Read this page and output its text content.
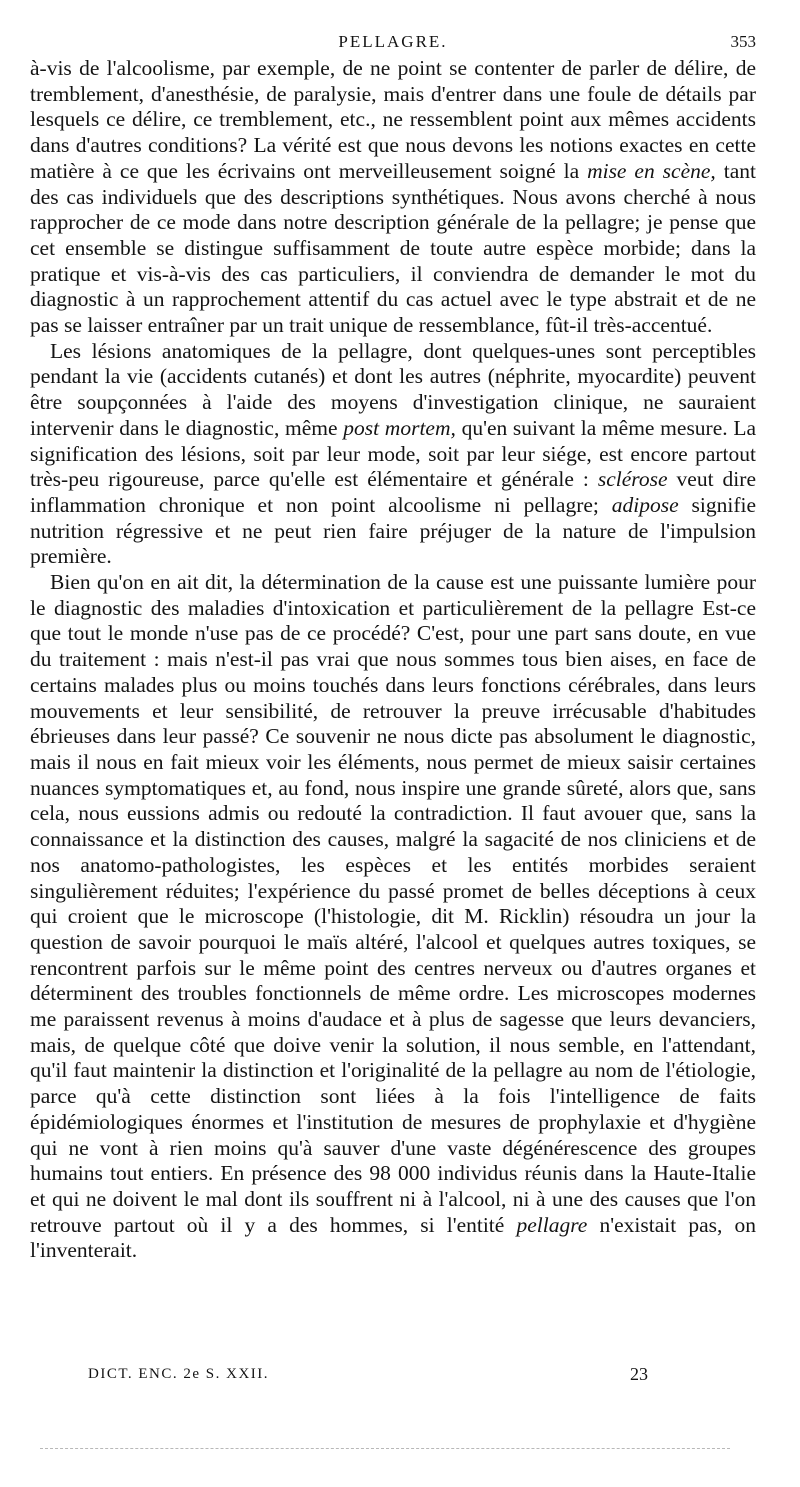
PELLAGRE.	353

à-vis de l'alcoolisme, par exemple, de ne point se contenter de parler de délire, de tremblement, d'anesthésie, de paralysie, mais d'entrer dans une foule de détails par lesquels ce délire, ce tremblement, etc., ne ressemblent point aux mêmes accidents dans d'autres conditions? La vérité est que nous devons les notions exactes en cette matière à ce que les écrivains ont merveilleusement soigné la mise en scène, tant des cas individuels que des descriptions synthétiques. Nous avons cherché à nous rapprocher de ce mode dans notre description générale de la pellagre; je pense que cet ensemble se distingue suffisamment de toute autre espèce morbide; dans la pratique et vis-à-vis des cas particuliers, il conviendra de demander le mot du diagnostic à un rapprochement attentif du cas actuel avec le type abstrait et de ne pas se laisser entraîner par un trait unique de ressemblance, fût-il très-accentué.

Les lésions anatomiques de la pellagre, dont quelques-unes sont perceptibles pendant la vie (accidents cutanés) et dont les autres (néphrite, myocardite) peuvent être soupçonnées à l'aide des moyens d'investigation clinique, ne sauraient intervenir dans le diagnostic, même post mortem, qu'en suivant la même mesure. La signification des lésions, soit par leur mode, soit par leur siége, est encore partout très-peu rigoureuse, parce qu'elle est élémentaire et générale : sclérose veut dire inflammation chronique et non point alcoolisme ni pellagre; adipose signifie nutrition régressive et ne peut rien faire préjuger de la nature de l'impulsion première.

Bien qu'on en ait dit, la détermination de la cause est une puissante lumière pour le diagnostic des maladies d'intoxication et particulièrement de la pellagre Est-ce que tout le monde n'use pas de ce procédé? C'est, pour une part sans doute, en vue du traitement : mais n'est-il pas vrai que nous sommes tous bien aises, en face de certains malades plus ou moins touchés dans leurs fonctions cérébrales, dans leurs mouvements et leur sensibilité, de retrouver la preuve irrécusable d'habitudes ébrieuses dans leur passé? Ce souvenir ne nous dicte pas absolument le diagnostic, mais il nous en fait mieux voir les éléments, nous permet de mieux saisir certaines nuances symptomatiques et, au fond, nous inspire une grande sûreté, alors que, sans cela, nous eussions admis ou redouté la contradiction. Il faut avouer que, sans la connaissance et la distinction des causes, malgré la sagacité de nos cliniciens et de nos anatomo-pathologistes, les espèces et les entités morbides seraient singulièrement réduites; l'expérience du passé promet de belles déceptions à ceux qui croient que le microscope (l'histologie, dit M. Ricklin) résoudra un jour la question de savoir pourquoi le maïs altéré, l'alcool et quelques autres toxiques, se rencontrent parfois sur le même point des centres nerveux ou d'autres organes et déterminent des troubles fonctionnels de même ordre. Les microscopes modernes me paraissent revenus à moins d'audace et à plus de sagesse que leurs devanciers, mais, de quelque côté que doive venir la solution, il nous semble, en l'attendant, qu'il faut maintenir la distinction et l'originalité de la pellagre au nom de l'étiologie, parce qu'à cette distinction sont liées à la fois l'intelligence de faits épidémiologiques énormes et l'institution de mesures de prophylaxie et d'hygiène qui ne vont à rien moins qu'à sauver d'une vaste dégénérescence des groupes humains tout entiers. En présence des 98 000 individus réunis dans la Haute-Italie et qui ne doivent le mal dont ils souffrent ni à l'alcool, ni à une des causes que l'on retrouve partout où il y a des hommes, si l'entité pellagre n'existait pas, on l'inventerait.

DICT. ENC. 2e S. XXII.	23
